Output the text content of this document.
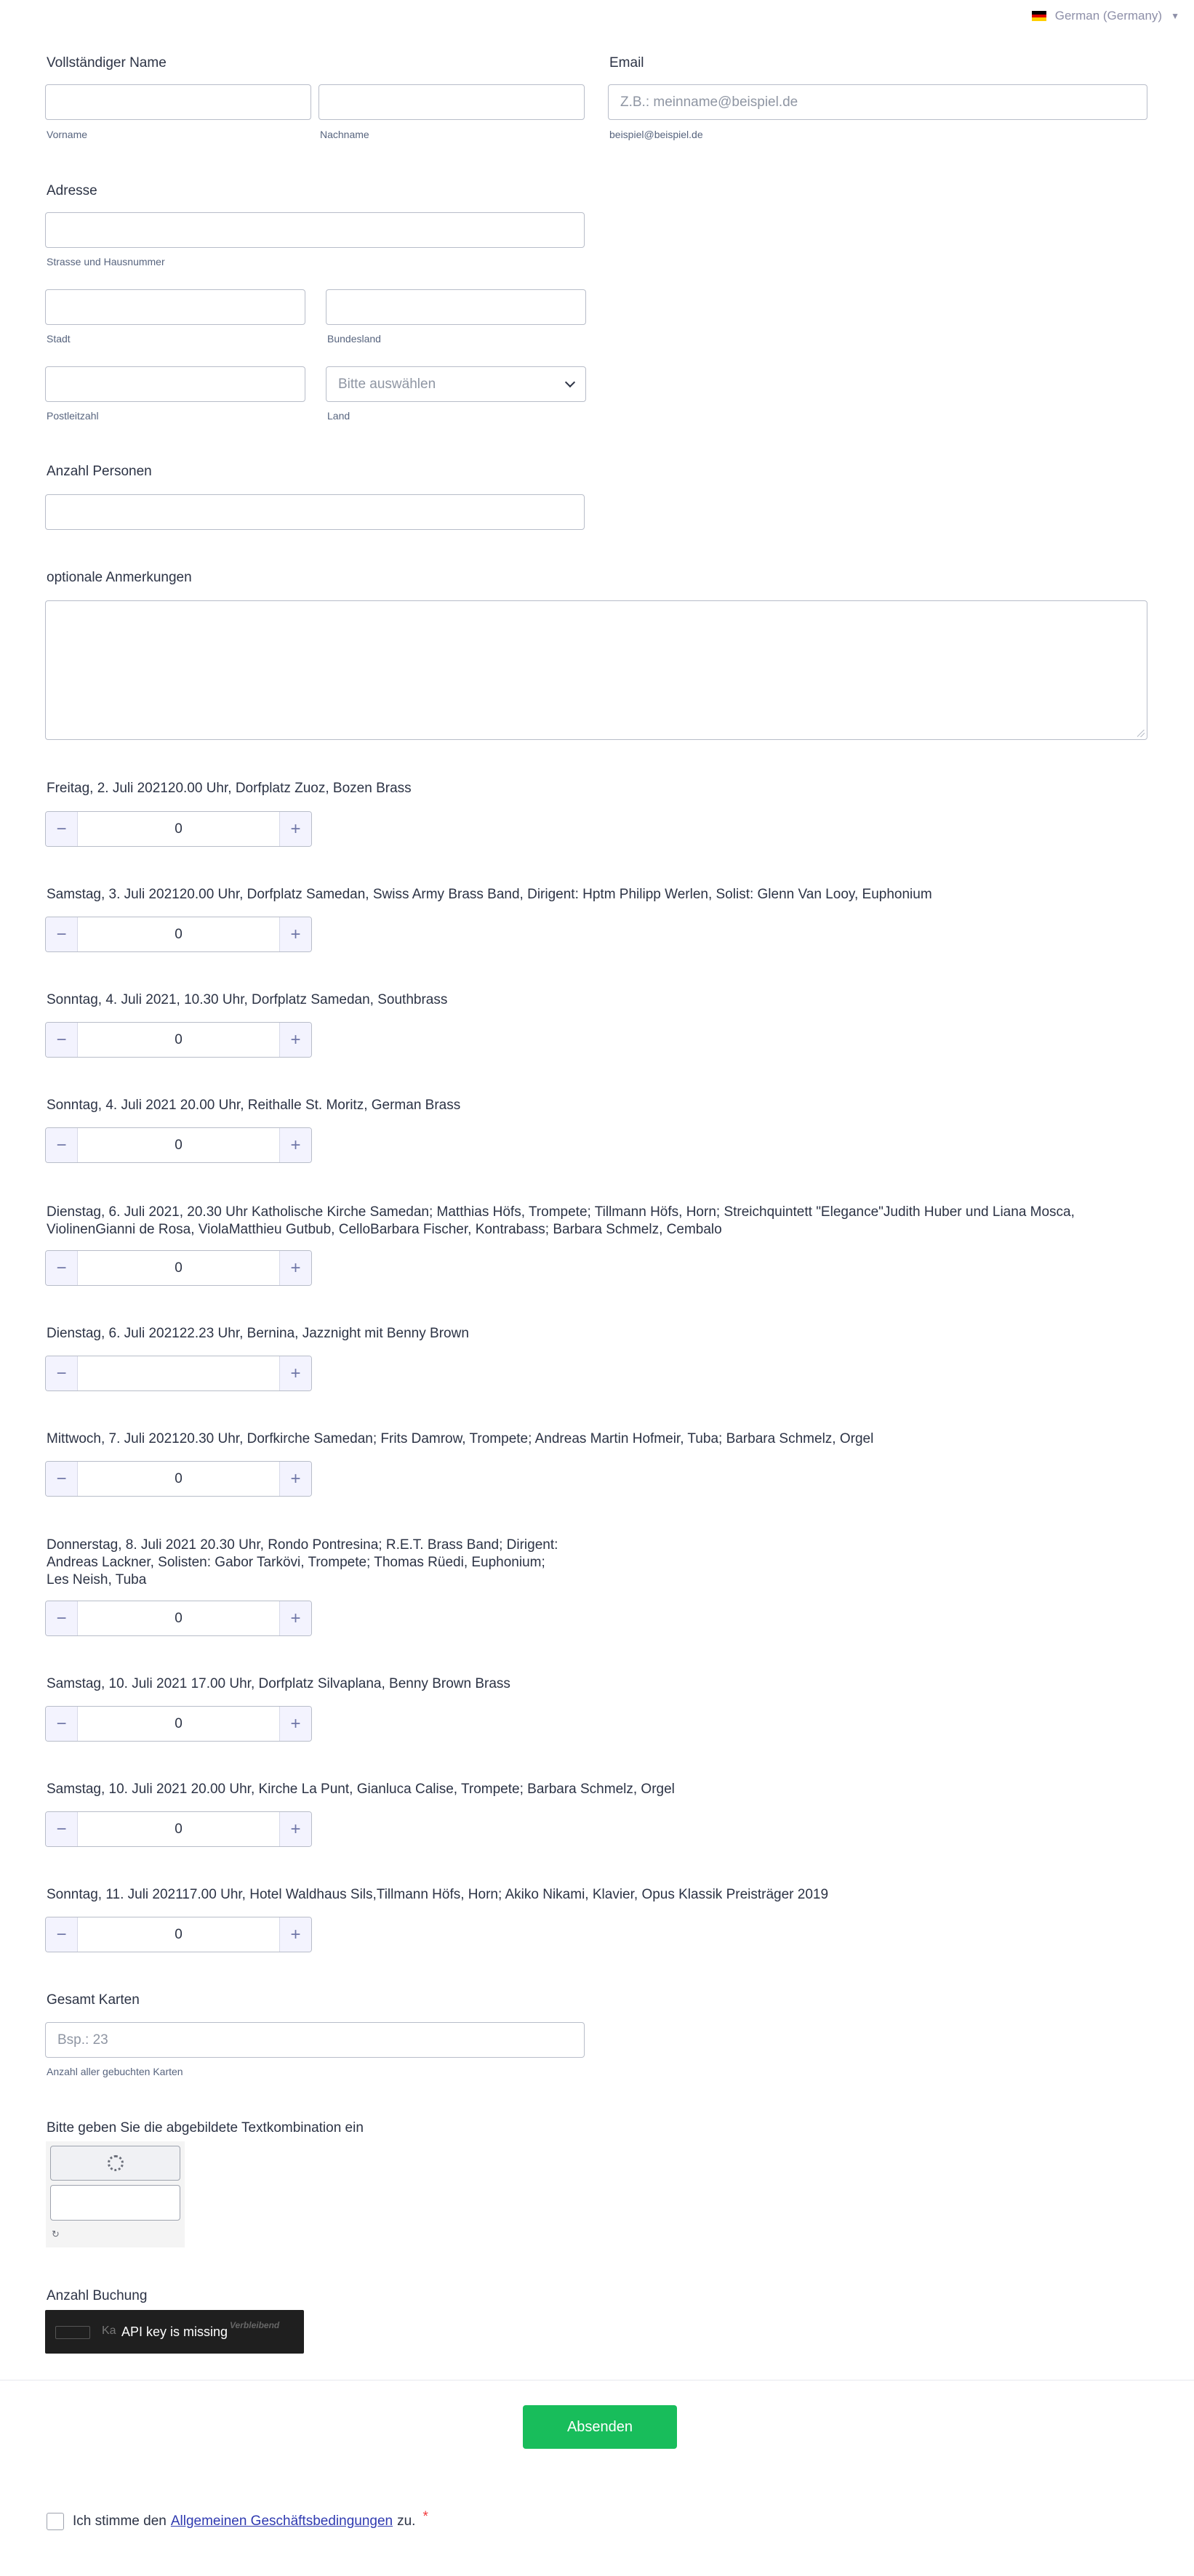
German (Germany) ▼
Vollständiger Name
Vorname	Nachname
Email
Z.B.: meinname@beispiel.de
beispiel@beispiel.de
Adresse
Strasse und Hausnummer
Stadt	Bundesland
Bitte auswählen
Postleitzahl	Land
Anzahl Personen
optionale Anmerkungen
Freitag, 2. Juli 202120.00 Uhr, Dorfplatz Zuoz, Bozen Brass
−	0	+
Samstag, 3. Juli 202120.00 Uhr, Dorfplatz Samedan, Swiss Army Brass Band, Dirigent: Hptm Philipp Werlen, Solist: Glenn Van Looy, Euphonium
−	0	+
Sonntag, 4. Juli 2021, 10.30 Uhr, Dorfplatz Samedan, Southbrass
−	0	+
Sonntag, 4. Juli 2021 20.00 Uhr, Reithalle St. Moritz, German Brass
−	0	+
Dienstag, 6. Juli 2021, 20.30 Uhr Katholische Kirche Samedan; Matthias Höfs, Trompete; Tillmann Höfs, Horn; Streichquintett "Elegance"Judith Huber und Liana Mosca, ViolinenGianni de Rosa, ViolaMatthieu Gutbub, CelloBarbara Fischer, Kontrabass; Barbara Schmelz, Cembalo
−	0	+
Dienstag, 6. Juli 202122.23 Uhr, Bernina, Jazznight mit Benny Brown
−	+
Mittwoch, 7. Juli 202120.30 Uhr, Dorfkirche Samedan; Frits Damrow, Trompete; Andreas Martin Hofmeir, Tuba; Barbara Schmelz, Orgel
−	0	+
Donnerstag, 8. Juli 2021 20.30 Uhr, Rondo Pontresina; R.E.T. Brass Band; Dirigent:
Andreas Lackner, Solisten: Gabor Tarkövi, Trompete; Thomas Rüedi, Euphonium;
Les Neish, Tuba
−	0	+
Samstag, 10. Juli 2021 17.00 Uhr, Dorfplatz Silvaplana, Benny Brown Brass
−	0	+
Samstag, 10. Juli 2021 20.00 Uhr, Kirche La Punt, Gianluca Calise, Trompete; Barbara Schmelz, Orgel
−	0	+
Sonntag, 11. Juli 202117.00 Uhr, Hotel Waldhaus Sils,Tillmann Höfs, Horn; Akiko Nikami, Klavier, Opus Klassik Preisträger 2019
−	0	+
Gesamt Karten
Bsp.: 23
Anzahl aller gebuchten Karten
Bitte geben Sie die abgebildete Textkombination ein
↻
Anzahl Buchung
Ka	Verbleibend
API key is missing
Absenden
Ich stimme den Allgemeinen Geschäftsbedingungen zu. *
